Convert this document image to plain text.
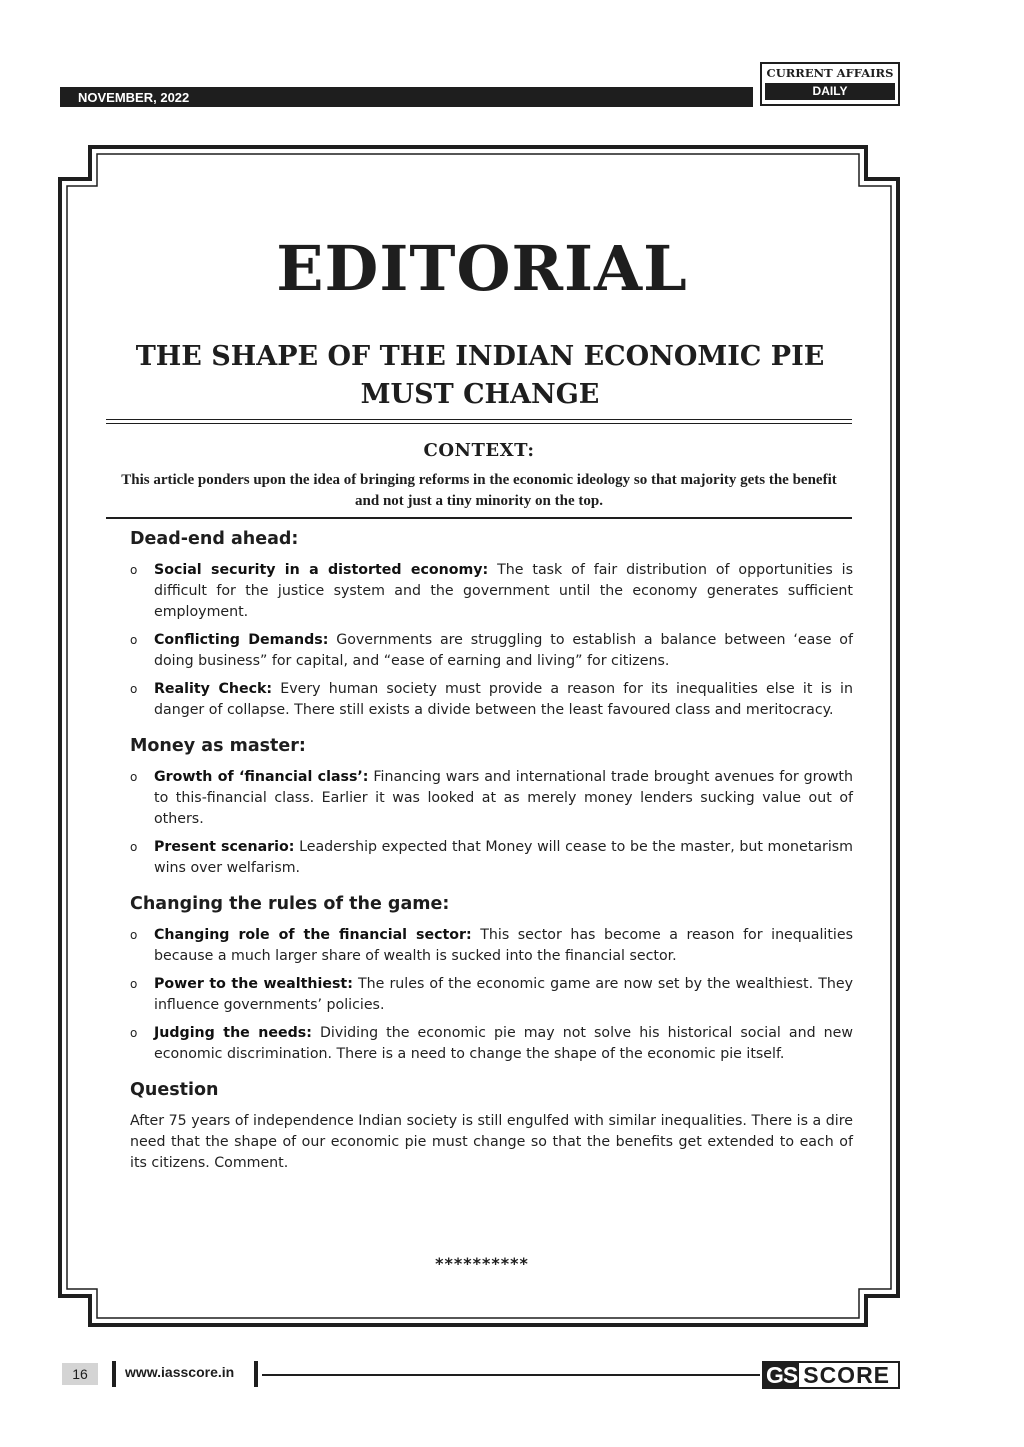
NOVEMBER, 2022
CURRENT AFFAIRS
DAILY
EDITORIAL
THE SHAPE OF THE INDIAN ECONOMIC PIE MUST CHANGE
CONTEXT:

This article ponders upon the idea of bringing reforms in the economic ideology so that majority gets the benefit and not just a tiny minority on the top.

Dead-end ahead:
o Social security in a distorted economy: The task of fair distribution of opportunities is difficult for the justice system and the government until the economy generates sufficient employment.
o Conflicting Demands: Governments are struggling to establish a balance between ‘ease of doing business” for capital, and “ease of earning and living” for citizens.
o Reality Check: Every human society must provide a reason for its inequalities else it is in danger of collapse. There still exists a divide between the least favoured class and meritocracy.
Money as master:
o Growth of ‘financial class’: Financing wars and international trade brought avenues for growth to this-financial class. Earlier it was looked at as merely money lenders sucking value out of others.
o Present scenario: Leadership expected that Money will cease to be the master, but monetarism wins over welfarism.
Changing the rules of the game:
o Changing role of the financial sector: This sector has become a reason for inequalities because a much larger share of wealth is sucked into the financial sector.
o Power to the wealthiest: The rules of the economic game are now set by the wealthiest. They influence governments’ policies.
o Judging the needs: Dividing the economic pie may not solve his historical social and new economic discrimination. There is a need to change the shape of the economic pie itself.
Question

After 75 years of independence Indian society is still engulfed with similar inequalities. There is a dire need that the shape of our economic pie must change so that the benefits get extended to each of its citizens. Comment.

**********
16	www.iasscore.in	GS SCORE
